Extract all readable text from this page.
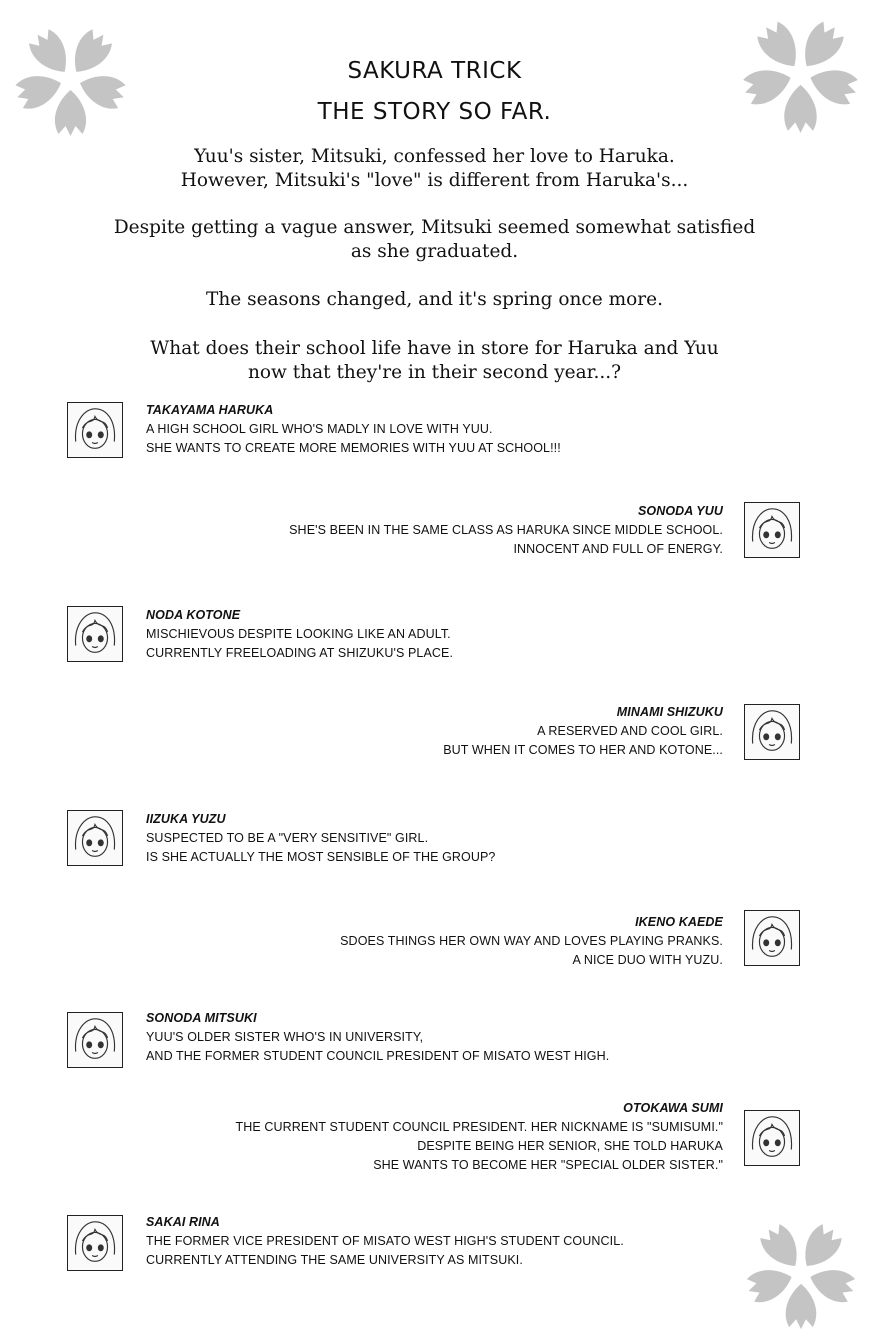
SAKURA TRICK
THE STORY SO FAR.
Yuu's sister, Mitsuki, confessed her love to Haruka.
However, Mitsuki's "love" is different from Haruka's...
Despite getting a vague answer, Mitsuki seemed somewhat satisfied
as she graduated.
The seasons changed, and it's spring once more.
What does their school life have in store for Haruka and Yuu
now that they're in their second year...?
TAKAYAMA HARUKA
A HIGH SCHOOL GIRL WHO'S MADLY IN LOVE WITH YUU.
SHE WANTS TO CREATE MORE MEMORIES WITH YUU AT SCHOOL!!!
SONODA YUU
SHE'S BEEN IN THE SAME CLASS AS HARUKA SINCE MIDDLE SCHOOL.
INNOCENT AND FULL OF ENERGY.
NODA KOTONE
MISCHIEVOUS DESPITE LOOKING LIKE AN ADULT.
CURRENTLY FREELOADING AT SHIZUKU'S PLACE.
MINAMI SHIZUKU
A RESERVED AND COOL GIRL.
BUT WHEN IT COMES TO HER AND KOTONE...
IIZUKA YUZU
SUSPECTED TO BE A "VERY SENSITIVE" GIRL.
IS SHE ACTUALLY THE MOST SENSIBLE OF THE GROUP?
IKENO KAEDE
SDOES THINGS HER OWN WAY AND LOVES PLAYING PRANKS.
A NICE DUO WITH YUZU.
SONODA MITSUKI
YUU'S OLDER SISTER WHO'S IN UNIVERSITY,
AND THE FORMER STUDENT COUNCIL PRESIDENT OF MISATO WEST HIGH.
OTOKAWA SUMI
THE CURRENT STUDENT COUNCIL PRESIDENT. HER NICKNAME IS "SUMISUMI."
DESPITE BEING HER SENIOR, SHE TOLD HARUKA
SHE WANTS TO BECOME HER "SPECIAL OLDER SISTER."
SAKAI RINA
THE FORMER VICE PRESIDENT OF MISATO WEST HIGH'S STUDENT COUNCIL.
CURRENTLY ATTENDING THE SAME UNIVERSITY AS MITSUKI.
